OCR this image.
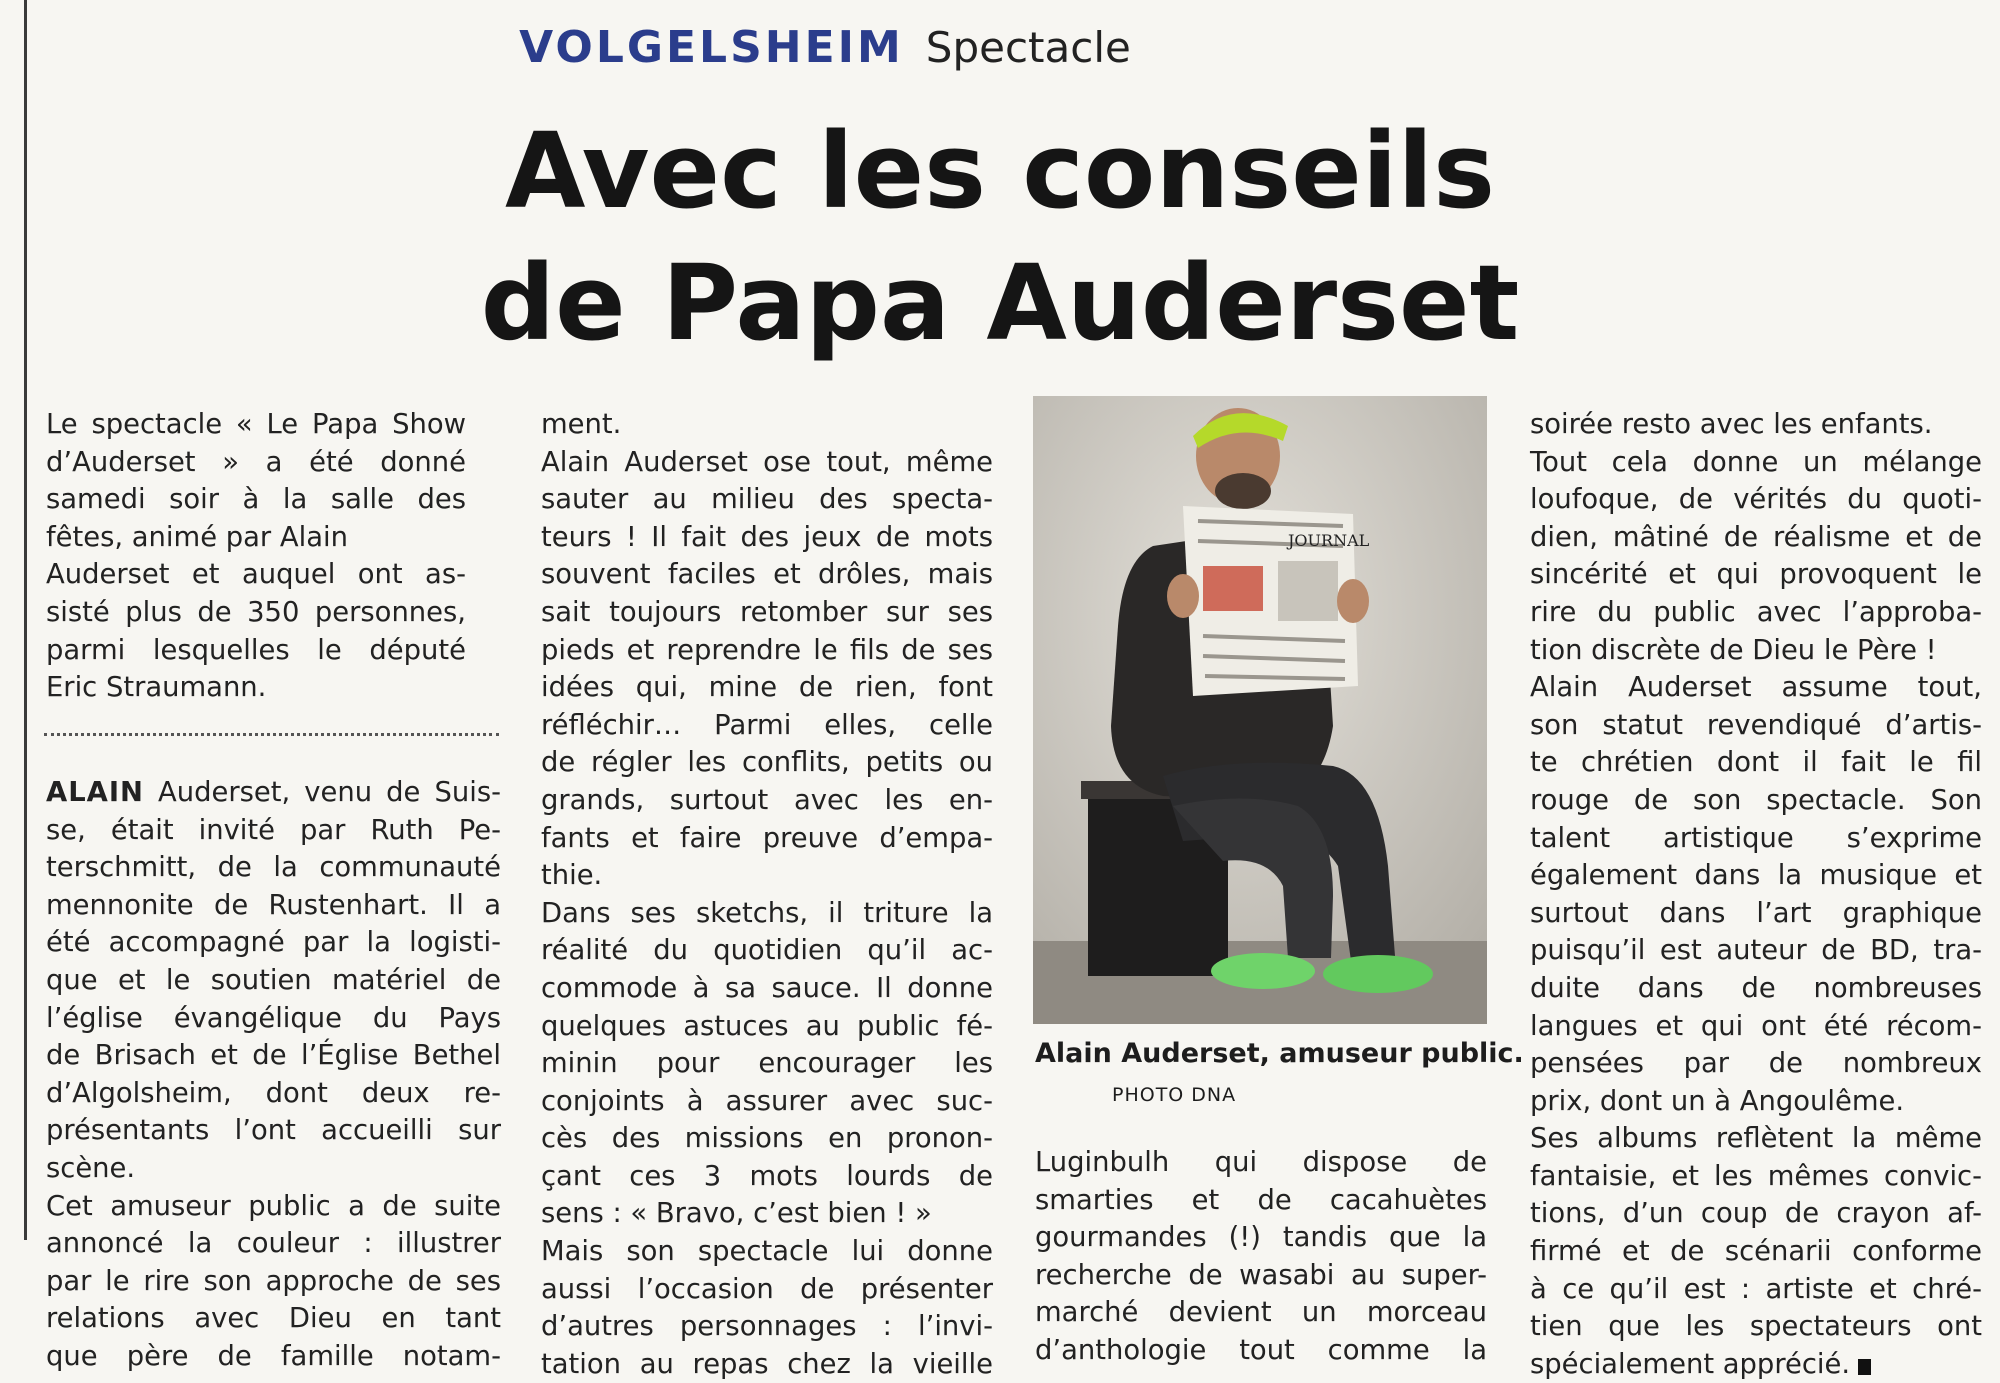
VOLGELSHEIM Spectacle
Avec les conseils
de Papa Auderset
Le spectacle « Le Papa Show
d’Auderset » a été donné
samedi soir à la salle des
fêtes, animé par Alain
Auderset et auquel ont as-
sisté plus de 350 personnes,
parmi lesquelles le député
Eric Straumann.
ALAIN Auderset, venu de Suis-
se, était invité par Ruth Pe-
terschmitt, de la communauté
mennonite de Rustenhart. Il a
été accompagné par la logisti-
que et le soutien matériel de
l’église évangélique du Pays
de Brisach et de l’Église Bethel
d’Algolsheim, dont deux re-
présentants l’ont accueilli sur
scène.
Cet amuseur public a de suite
annoncé la couleur : illustrer
par le rire son approche de ses
relations avec Dieu en tant
que père de famille notam-
ment.
Alain Auderset ose tout, même
sauter au milieu des specta-
teurs ! Il fait des jeux de mots
souvent faciles et drôles, mais
sait toujours retomber sur ses
pieds et reprendre le fils de ses
idées qui, mine de rien, font
réfléchir… Parmi elles, celle
de régler les conflits, petits ou
grands, surtout avec les en-
fants et faire preuve d’empa-
thie.
Dans ses sketchs, il triture la
réalité du quotidien qu’il ac-
commode à sa sauce. Il donne
quelques astuces au public fé-
minin pour encourager les
conjoints à assurer avec suc-
cès des missions en pronon-
çant ces 3 mots lourds de
sens : « Bravo, c’est bien ! »
Mais son spectacle lui donne
aussi l’occasion de présenter
d’autres personnages : l’invi-
tation au repas chez la vieille
JOURNAL
Alain Auderset, amuseur public.
PHOTO DNA
Luginbulh qui dispose de
smarties et de cacahuètes
gourmandes (!) tandis que la
recherche de wasabi au super-
marché devient un morceau
d’anthologie tout comme la
soirée resto avec les enfants.
Tout cela donne un mélange
loufoque, de vérités du quoti-
dien, mâtiné de réalisme et de
sincérité et qui provoquent le
rire du public avec l’approba-
tion discrète de Dieu le Père !
Alain Auderset assume tout,
son statut revendiqué d’artis-
te chrétien dont il fait le fil
rouge de son spectacle. Son
talent artistique s’exprime
également dans la musique et
surtout dans l’art graphique
puisqu’il est auteur de BD, tra-
duite dans de nombreuses
langues et qui ont été récom-
pensées par de nombreux
prix, dont un à Angoulême.
Ses albums reflètent la même
fantaisie, et les mêmes convic-
tions, d’un coup de crayon af-
firmé et de scénarii conforme
à ce qu’il est : artiste et chré-
tien que les spectateurs ont
spécialement apprécié.
